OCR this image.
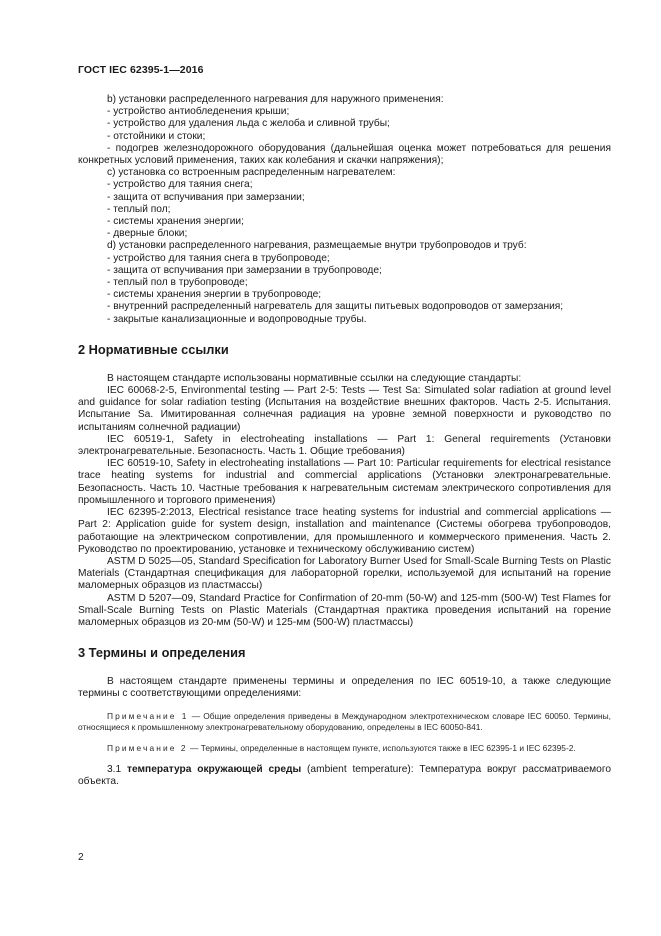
ГОСТ IEC 62395-1—2016

b) установки распределенного нагревания для наружного применения:

- устройство антиобледенения крыши;

- устройство для удаления льда с желоба и сливной трубы;

- отстойники и стоки;

- подогрев железнодорожного оборудования (дальнейшая оценка может потребоваться для решения конкретных условий применения, таких как колебания и скачки напряжения);

c) установка со встроенным распределенным нагревателем:

- устройство для таяния снега;

- защита от вспучивания при замерзании;

- теплый пол;

- системы хранения энергии;

- дверные блоки;

d) установки распределенного нагревания, размещаемые внутри трубопроводов и труб:

- устройство для таяния снега в трубопроводе;

- защита от вспучивания при замерзании в трубопроводе;

- теплый пол в трубопроводе;

- системы хранения энергии в трубопроводе;

- внутренний распределенный нагреватель для защиты питьевых водопроводов от замерзания;

- закрытые канализационные и водопроводные трубы.

2 Нормативные ссылки

В настоящем стандарте использованы нормативные ссылки на следующие стандарты:

IEC 60068-2-5, Environmental testing — Part 2-5: Tests — Test Sa: Simulated solar radiation at ground level and guidance for solar radiation testing (Испытания на воздействие внешних факторов. Часть 2-5. Испытания. Испытание Sa. Имитированная солнечная радиация на уровне земной поверхности и руководство по испытаниям солнечной радиации)

IEC 60519-1, Safety in electroheating installations — Part 1: General requirements (Установки электронагревательные. Безопасность. Часть 1. Общие требования)

IEC 60519-10, Safety in electroheating installations — Part 10: Particular requirements for electrical resistance trace heating systems for industrial and commercial applications (Установки электронагревательные. Безопасность. Часть 10. Частные требования к нагревательным системам электрического сопротивления для промышленного и торгового применения)

IEC 62395-2:2013, Electrical resistance trace heating systems for industrial and commercial applications — Part 2: Application guide for system design, installation and maintenance (Системы обогрева трубопроводов, работающие на электрическом сопротивлении, для промышленного и коммерческого применения. Часть 2. Руководство по проектированию, установке и техническому обслуживанию систем)

ASTM D 5025—05, Standard Specification for Laboratory Burner Used for Small-Scale Burning Tests on Plastic Materials (Стандартная спецификация для лабораторной горелки, используемой для испытаний на горение маломерных образцов из пластмассы)

ASTM D 5207—09, Standard Practice for Confirmation of 20-mm (50-W) and 125-mm (500-W) Test Flames for Small-Scale Burning Tests on Plastic Materials (Стандартная практика проведения испытаний на горение маломерных образцов из 20-мм (50-W) и 125-мм (500-W) пластмассы)

3 Термины и определения

В настоящем стандарте применены термины и определения по IEC 60519-10, а также следующие термины с соответствующими определениями:

Примечание 1 — Общие определения приведены в Международном электротехническом словаре IEC 60050. Термины, относящиеся к промышленному электронагревательному оборудованию, определены в IEC 60050-841.

Примечание 2 — Термины, определенные в настоящем пункте, используются также в IEC 62395-1 и IEC 62395-2.

3.1 температура окружающей среды (ambient temperature): Температура вокруг рассматриваемого объекта.

2
